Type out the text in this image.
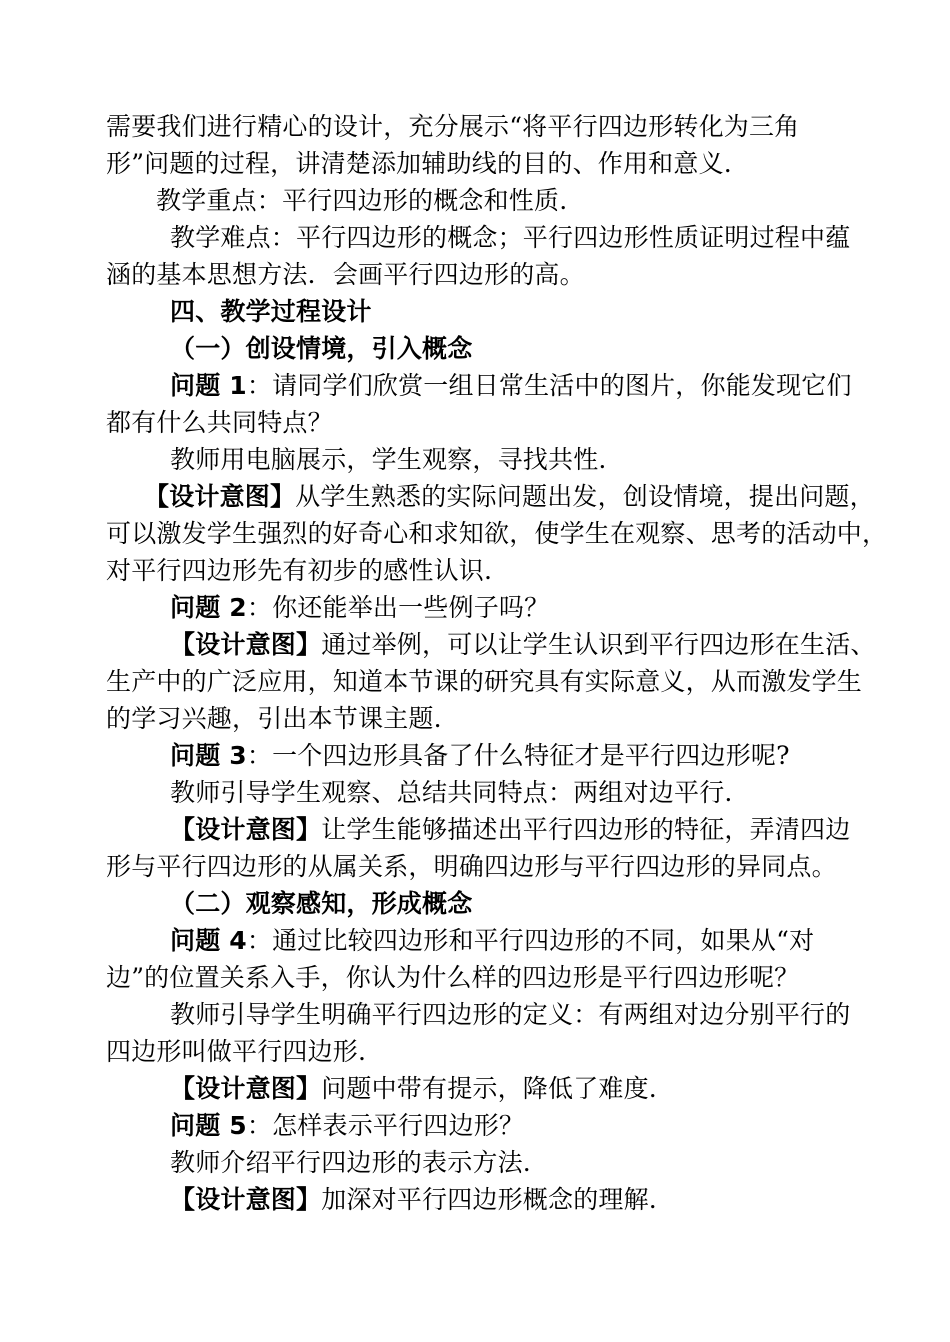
需要我们进行精心的设计，充分展示“将平行四边形转化为三角

形”问题的过程，讲清楚添加辅助线的目的、作用和意义.

教学重点：平行四边形的概念和性质.

教学难点：平行四边形的概念；平行四边形性质证明过程中蕴

涵的基本思想方法．会画平行四边形的高。

四、教学过程设计

（一）创设情境，引入概念

问题 1：请同学们欣赏一组日常生活中的图片，你能发现它们

都有什么共同特点？

教师用电脑展示，学生观察，寻找共性.

【设计意图】从学生熟悉的实际问题出发，创设情境，提出问题，

可以激发学生强烈的好奇心和求知欲，使学生在观察、思考的活动中，

对平行四边形先有初步的感性认识.

问题 2：你还能举出一些例子吗？

【设计意图】通过举例，可以让学生认识到平行四边形在生活、

生产中的广泛应用，知道本节课的研究具有实际意义，从而激发学生

的学习兴趣，引出本节课主题.

问题 3：一个四边形具备了什么特征才是平行四边形呢?

教师引导学生观察、总结共同特点：两组对边平行.

【设计意图】让学生能够描述出平行四边形的特征，弄清四边

形与平行四边形的从属关系，明确四边形与平行四边形的异同点。

（二）观察感知，形成概念

问题 4：通过比较四边形和平行四边形的不同，如果从“对

边”的位置关系入手，你认为什么样的四边形是平行四边形呢？

教师引导学生明确平行四边形的定义：有两组对边分别平行的

四边形叫做平行四边形.

【设计意图】问题中带有提示，降低了难度.

问题 5：怎样表示平行四边形？

教师介绍平行四边形的表示方法.

【设计意图】加深对平行四边形概念的理解.
